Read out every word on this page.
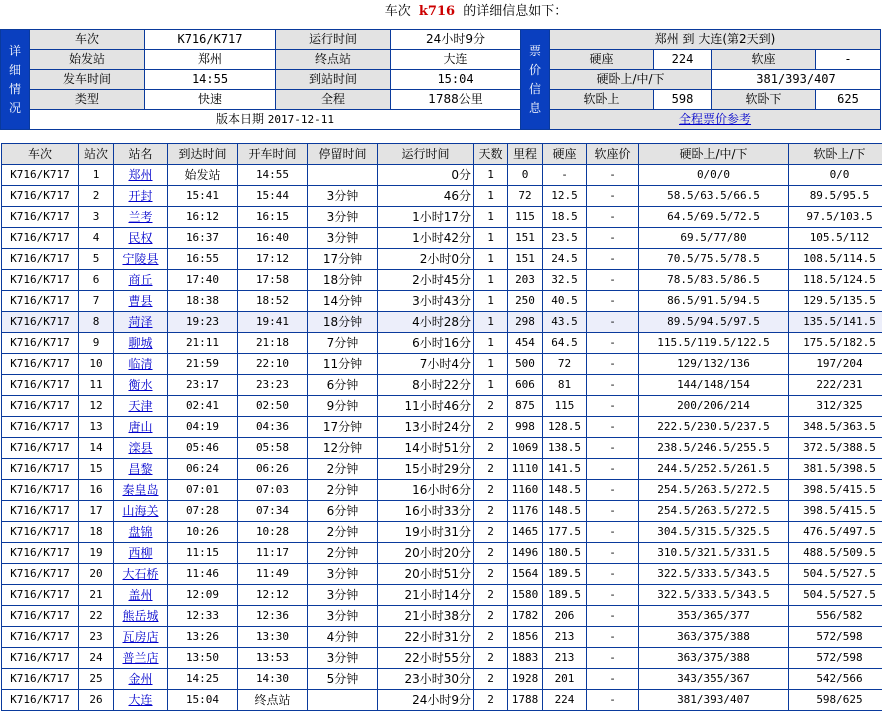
车次 k716 的详细信息如下：
详
细
情
况	车次	K716/K717	运行时间	24小时9分	票
价
信
息	郑州 到 大连(第2天到)			
	始发站	郑州	终点站	大连		硬座	224	软座	-
	发车时间	14:55	到站时间	15:04		硬卧上/中/下		381/393/407	
	类型	快速	全程	1788公里		软卧上	598	软卧下	625
	版本日期 2017-12-11					全程票价参考			
车次	站次	站名	到达时间	开车时间	停留时间	运行时间	天数	里程	硬座	软座价	硬卧上/中/下	软卧上/下
K716/K717	1	郑州	始发站	14:55		0分	1	0	-	-	0/0/0	0/0
K716/K717	2	开封	15:41	15:44	3分钟	46分	1	72	12.5	-	58.5/63.5/66.5	89.5/95.5
K716/K717	3	兰考	16:12	16:15	3分钟	1小时17分	1	115	18.5	-	64.5/69.5/72.5	97.5/103.5
K716/K717	4	民权	16:37	16:40	3分钟	1小时42分	1	151	23.5	-	69.5/77/80	105.5/112
K716/K717	5	宁陵县	16:55	17:12	17分钟	2小时0分	1	151	24.5	-	70.5/75.5/78.5	108.5/114.5
K716/K717	6	商丘	17:40	17:58	18分钟	2小时45分	1	203	32.5	-	78.5/83.5/86.5	118.5/124.5
K716/K717	7	曹县	18:38	18:52	14分钟	3小时43分	1	250	40.5	-	86.5/91.5/94.5	129.5/135.5
K716/K717	8	菏泽	19:23	19:41	18分钟	4小时28分	1	298	43.5	-	89.5/94.5/97.5	135.5/141.5
K716/K717	9	聊城	21:11	21:18	7分钟	6小时16分	1	454	64.5	-	115.5/119.5/122.5	175.5/182.5
K716/K717	10	临清	21:59	22:10	11分钟	7小时4分	1	500	72	-	129/132/136	197/204
K716/K717	11	衡水	23:17	23:23	6分钟	8小时22分	1	606	81	-	144/148/154	222/231
K716/K717	12	天津	02:41	02:50	9分钟	11小时46分	2	875	115	-	200/206/214	312/325
K716/K717	13	唐山	04:19	04:36	17分钟	13小时24分	2	998	128.5	-	222.5/230.5/237.5	348.5/363.5
K716/K717	14	滦县	05:46	05:58	12分钟	14小时51分	2	1069	138.5	-	238.5/246.5/255.5	372.5/388.5
K716/K717	15	昌黎	06:24	06:26	2分钟	15小时29分	2	1110	141.5	-	244.5/252.5/261.5	381.5/398.5
K716/K717	16	秦皇岛	07:01	07:03	2分钟	16小时6分	2	1160	148.5	-	254.5/263.5/272.5	398.5/415.5
K716/K717	17	山海关	07:28	07:34	6分钟	16小时33分	2	1176	148.5	-	254.5/263.5/272.5	398.5/415.5
K716/K717	18	盘锦	10:26	10:28	2分钟	19小时31分	2	1465	177.5	-	304.5/315.5/325.5	476.5/497.5
K716/K717	19	西柳	11:15	11:17	2分钟	20小时20分	2	1496	180.5	-	310.5/321.5/331.5	488.5/509.5
K716/K717	20	大石桥	11:46	11:49	3分钟	20小时51分	2	1564	189.5	-	322.5/333.5/343.5	504.5/527.5
K716/K717	21	盖州	12:09	12:12	3分钟	21小时14分	2	1580	189.5	-	322.5/333.5/343.5	504.5/527.5
K716/K717	22	熊岳城	12:33	12:36	3分钟	21小时38分	2	1782	206	-	353/365/377	556/582
K716/K717	23	瓦房店	13:26	13:30	4分钟	22小时31分	2	1856	213	-	363/375/388	572/598
K716/K717	24	普兰店	13:50	13:53	3分钟	22小时55分	2	1883	213	-	363/375/388	572/598
K716/K717	25	金州	14:25	14:30	5分钟	23小时30分	2	1928	201	-	343/355/367	542/566
K716/K717	26	大连	15:04	终点站		24小时9分	2	1788	224	-	381/393/407	598/625
